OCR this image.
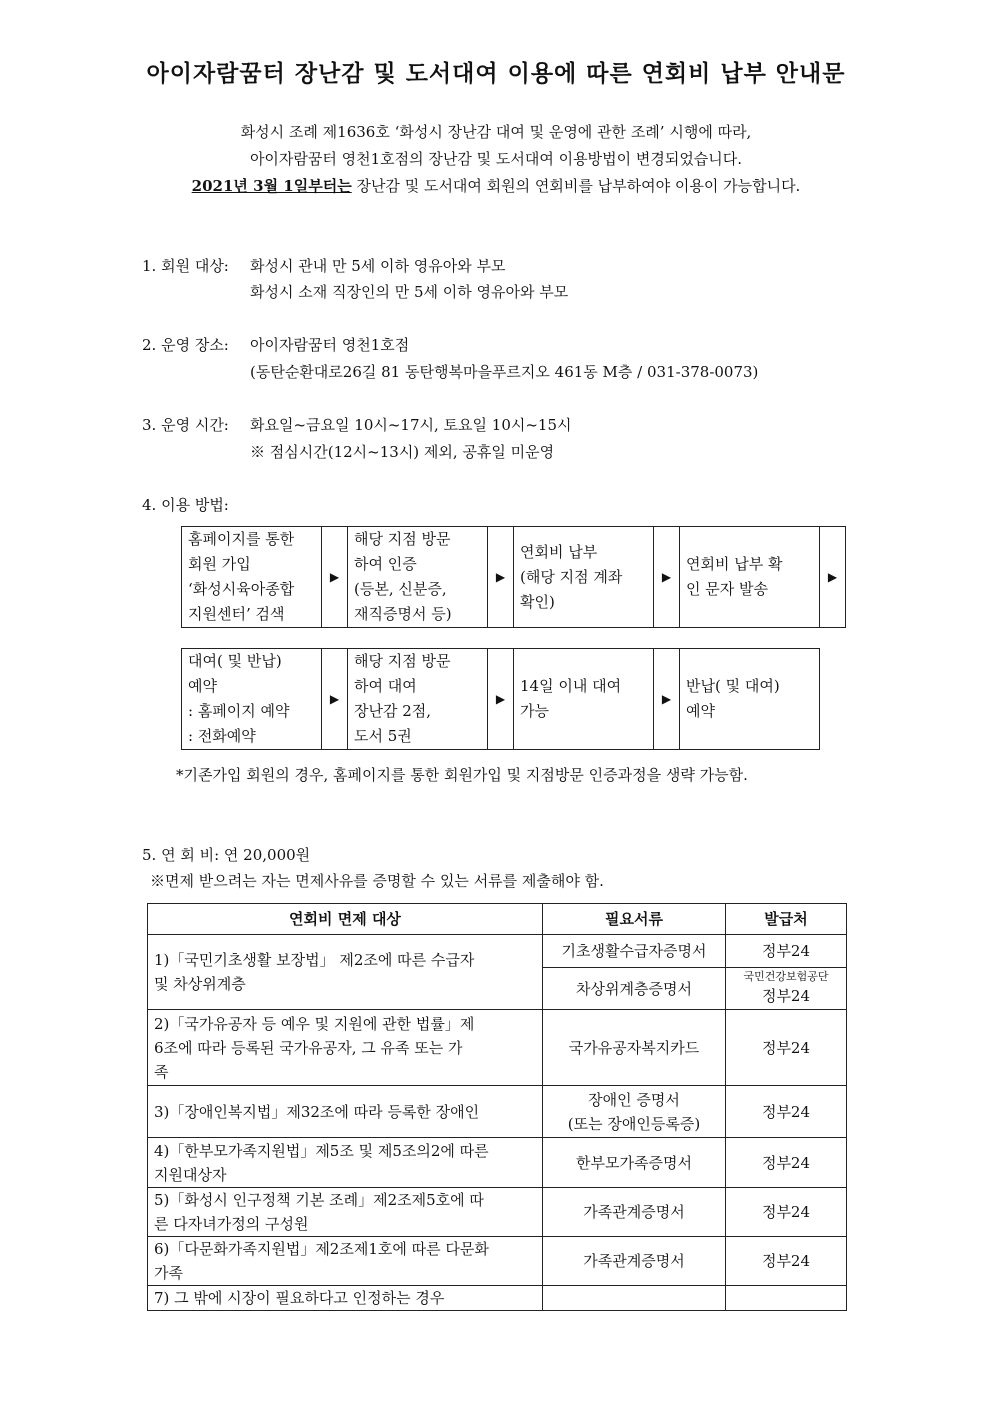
아이자람꿈터 장난감 및 도서대여 이용에 따른 연회비 납부 안내문
화성시 조례 제1636호 ‘화성시 장난감 대여 및 운영에 관한 조례’ 시행에 따라,
아이자람꿈터 영천1호점의 장난감 및 도서대여 이용방법이 변경되었습니다.
2021년 3월 1일부터는 장난감 및 도서대여 회원의 연회비를 납부하여야 이용이 가능합니다.
1. 회원 대상: 화성시 관내 만 5세 이하 영유아와 부모
화성시 소재 직장인의 만 5세 이하 영유아와 부모
2. 운영 장소: 아이자람꿈터 영천1호점
(동탄순환대로26길 81 동탄행복마을푸르지오 461동 M층 / 031-378-0073)
3. 운영 시간: 화요일~금요일 10시~17시, 토요일 10시~15시
※ 점심시간(12시~13시) 제외, 공휴일 미운영
4. 이용 방법:
홈페이지를 통한
회원 가입
‘화성시육아종합
지원센터’ 검색
	▶	
해당 지점 방문
하여 인증
(등본, 신분증,
재직증명서 등)
	▶	
연회비 납부
(해당 지점 계좌
확인)
	▶	
연회비 납부 확
인 문자 발송
	▶
대여( 및 반납)
예약
: 홈페이지 예약
: 전화예약
	▶	
해당 지점 방문
하여 대여
장난감 2점,
도서 5권
	▶	
14일 이내 대여
가능
	▶	
반납( 및 대여)
예약
*기존가입 회원의 경우, 홈페이지를 통한 회원가입 및 지점방문 인증과정을 생략 가능함.
5. 연 회 비: 연 20,000원
※면제 받으려는 자는 면제사유를 증명할 수 있는 서류를 제출해야 함.
연회비 면제 대상	필요서류	발급처

1)「국민기초생활 보장법」 제2조에 따른 수급자
및 차상위계층	기초생활수급자증명서	정부24
	차상위계층증명서	국민건강보험공단
정부24

2)「국가유공자 등 예우 및 지원에 관한 법률」제
6조에 따라 등록된 국가유공자, 그 유족 또는 가
족	국가유공자복지카드	정부24
3)「장애인복지법」제32조에 따라 등록한 장애인	장애인 증명서
(또는 장애인등록증)	정부24

4)「한부모가족지원법」제5조 및 제5조의2에 따른
지원대상자	한부모가족증명서	정부24

5)「화성시 인구정책 기본 조례」제2조제5호에 따
른 다자녀가정의 구성원	가족관계증명서	정부24

6)「다문화가족지원법」제2조제1호에 따른 다문화
가족	가족관계증명서	정부24
7) 그 밖에 시장이 필요하다고 인정하는 경우		
